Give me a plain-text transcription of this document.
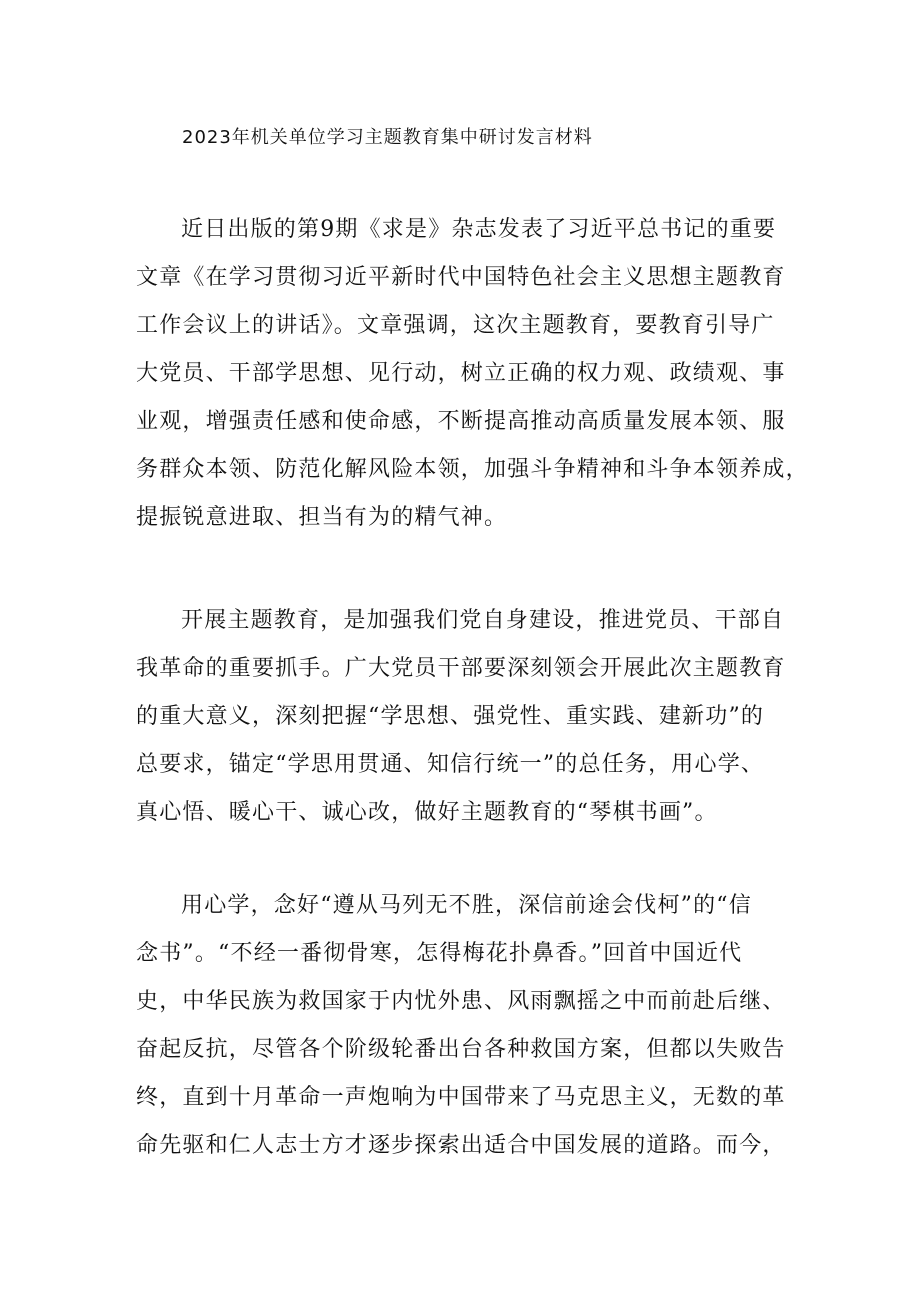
2023年机关单位学习主题教育集中研讨发言材料
近日出版的第9期《求是》杂志发表了习近平总书记的重要
文章《在学习贯彻习近平新时代中国特色社会主义思想主题教育
工作会议上的讲话》。文章强调，这次主题教育，要教育引导广
大党员、干部学思想、见行动，树立正确的权力观、政绩观、事
业观，增强责任感和使命感，不断提高推动高质量发展本领、服
务群众本领、防范化解风险本领，加强斗争精神和斗争本领养成，
提振锐意进取、担当有为的精气神。
开展主题教育，是加强我们党自身建设，推进党员、干部自
我革命的重要抓手。广大党员干部要深刻领会开展此次主题教育
的重大意义，深刻把握“学思想、强党性、重实践、建新功”的
总要求，锚定“学思用贯通、知信行统一”的总任务，用心学、
真心悟、暖心干、诚心改，做好主题教育的“琴棋书画”。
用心学，念好“遵从马列无不胜，深信前途会伐柯”的“信
念书”。“不经一番彻骨寒，怎得梅花扑鼻香。”回首中国近代
史，中华民族为救国家于内忧外患、风雨飘摇之中而前赴后继、
奋起反抗，尽管各个阶级轮番出台各种救国方案，但都以失败告
终，直到十月革命一声炮响为中国带来了马克思主义，无数的革
命先驱和仁人志士方才逐步探索出适合中国发展的道路。而今，
